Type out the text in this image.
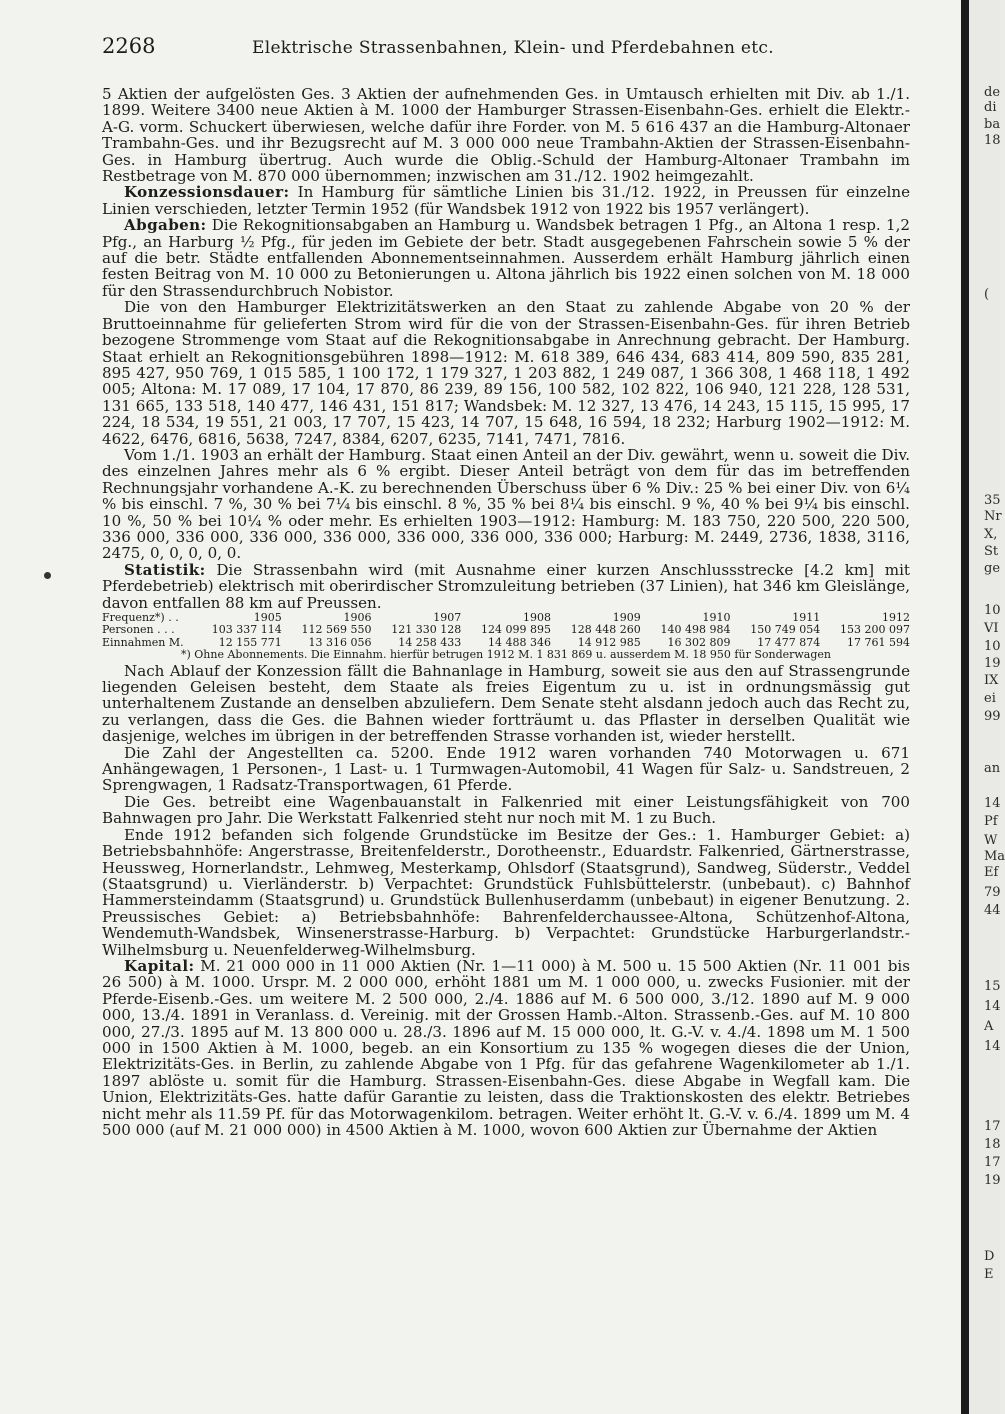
2268	Elektrische Strassenbahnen, Klein- und Pferdebahnen etc.

5 Aktien der aufgelösten Ges. 3 Aktien der aufnehmenden Ges. in Umtausch erhielten mit Div. ab 1./1. 1899. Weitere 3400 neue Aktien à M. 1000 der Hamburger Strassen-Eisenbahn-Ges. erhielt die Elektr.-A-G. vorm. Schuckert überwiesen, welche dafür ihre Forder. von M. 5 616 437 an die Hamburg-Altonaer Trambahn-Ges. und ihr Bezugsrecht auf M. 3 000 000 neue Trambahn-Aktien der Strassen-Eisenbahn-Ges. in Hamburg übertrug. Auch wurde die Oblig.-Schuld der Hamburg-Altonaer Trambahn im Restbetrage von M. 870 000 übernommen; inzwischen am 31./12. 1902 heimgezahlt.

Konzessionsdauer: In Hamburg für sämtliche Linien bis 31./12. 1922, in Preussen für einzelne Linien verschieden, letzter Termin 1952 (für Wandsbek 1912 von 1922 bis 1957 verlängert).

Abgaben: Die Rekognitionsabgaben an Hamburg u. Wandsbek betragen 1 Pfg., an Altona 1 resp. 1,2 Pfg., an Harburg ½ Pfg., für jeden im Gebiete der betr. Stadt ausgegebenen Fahrschein sowie 5 % der auf die betr. Städte entfallenden Abonnementseinnahmen. Ausserdem erhält Hamburg jährlich einen festen Beitrag von M. 10 000 zu Betonierungen u. Altona jährlich bis 1922 einen solchen von M. 18 000 für den Strassendurchbruch Nobistor.

Die von den Hamburger Elektrizitätswerken an den Staat zu zahlende Abgabe von 20 % der Bruttoeinnahme für gelieferten Strom wird für die von der Strassen-Eisenbahn-Ges. für ihren Betrieb bezogene Strommenge vom Staat auf die Rekognitionsabgabe in Anrechnung gebracht. Der Hamburg. Staat erhielt an Rekognitionsgebühren 1898—1912: M. 618 389, 646 434, 683 414, 809 590, 835 281, 895 427, 950 769, 1 015 585, 1 100 172, 1 179 327, 1 203 882, 1 249 087, 1 366 308, 1 468 118, 1 492 005; Altona: M. 17 089, 17 104, 17 870, 86 239, 89 156, 100 582, 102 822, 106 940, 121 228, 128 531, 131 665, 133 518, 140 477, 146 431, 151 817; Wandsbek: M. 12 327, 13 476, 14 243, 15 115, 15 995, 17 224, 18 534, 19 551, 21 003, 17 707, 15 423, 14 707, 15 648, 16 594, 18 232; Harburg 1902—1912: M. 4622, 6476, 6816, 5638, 7247, 8384, 6207, 6235, 7141, 7471, 7816.

Vom 1./1. 1903 an erhält der Hamburg. Staat einen Anteil an der Div. gewährt, wenn u. soweit die Div. des einzelnen Jahres mehr als 6 % ergibt. Dieser Anteil beträgt von dem für das im betreffenden Rechnungsjahr vorhandene A.-K. zu berechnenden Überschuss über 6 % Div.: 25 % bei einer Div. von 6¼ % bis einschl. 7 %, 30 % bei 7¼ bis einschl. 8 %, 35 % bei 8¼ bis einschl. 9 %, 40 % bei 9¼ bis einschl. 10 %, 50 % bei 10¼ % oder mehr. Es erhielten 1903—1912: Hamburg: M. 183 750, 220 500, 220 500, 336 000, 336 000, 336 000, 336 000, 336 000, 336 000, 336 000; Harburg: M. 2449, 2736, 1838, 3116, 2475, 0, 0, 0, 0, 0.

Statistik: Die Strassenbahn wird (mit Ausnahme einer kurzen Anschlussstrecke [4.2 km] mit Pferdebetrieb) elektrisch mit oberirdischer Stromzuleitung betrieben (37 Linien), hat 346 km Gleislänge, davon entfallen 88 km auf Preussen.

Frequenz*) . .	1905	1906	1907	1908	1909	1910	1911	1912
Personen . . .	103 337 114	112 569 550	121 330 128	124 099 895	128 448 260	140 498 984	150 749 054	153 200 097
Einnahmen M.	12 155 771	13 316 056	14 258 433	14 488 346	14 912 985	16 302 809	17 477 874	17 761 594
*) Ohne Abonnements. Die Einnahm. hierfür betrugen 1912 M. 1 831 869 u. ausserdem M. 18 950 für Sonderwagen

Nach Ablauf der Konzession fällt die Bahnanlage in Hamburg, soweit sie aus den auf Strassengrunde liegenden Geleisen besteht, dem Staate als freies Eigentum zu u. ist in ordnungsmässig gut unterhaltenem Zustande an denselben abzuliefern. Dem Senate steht alsdann jedoch auch das Recht zu, zu verlangen, dass die Ges. die Bahnen wieder fortträumt u. das Pflaster in derselben Qualität wie dasjenige, welches im übrigen in der betreffenden Strasse vorhanden ist, wieder herstellt.

Die Zahl der Angestellten ca. 5200. Ende 1912 waren vorhanden 740 Motorwagen u. 671 Anhängewagen, 1 Personen-, 1 Last- u. 1 Turmwagen-Automobil, 41 Wagen für Salz- u. Sandstreuen, 2 Sprengwagen, 1 Radsatz-Transportwagen, 61 Pferde.

Die Ges. betreibt eine Wagenbauanstalt in Falkenried mit einer Leistungsfähigkeit von 700 Bahnwagen pro Jahr. Die Werkstatt Falkenried steht nur noch mit M. 1 zu Buch.

Ende 1912 befanden sich folgende Grundstücke im Besitze der Ges.: 1. Hamburger Gebiet: a) Betriebsbahnhöfe: Angerstrasse, Breitenfelderstr., Dorotheenstr., Eduardstr. Falkenried, Gärtnerstrasse, Heussweg, Hornerlandstr., Lehmweg, Mesterkamp, Ohlsdorf (Staatsgrund), Sandweg, Süderstr., Veddel (Staatsgrund) u. Vierländerstr. b) Verpachtet: Grundstück Fuhlsbüttelerstr. (unbebaut). c) Bahnhof Hammersteindamm (Staatsgrund) u. Grundstück Bullenhuserdamm (unbebaut) in eigener Benutzung. 2. Preussisches Gebiet: a) Betriebsbahnhöfe: Bahrenfelderchaussee-Altona, Schützenhof-Altona, Wendemuth-Wandsbek, Winsenerstrasse-Harburg. b) Verpachtet: Grundstücke Harburgerlandstr.-Wilhelmsburg u. Neuenfelderweg-Wilhelmsburg.

Kapital: M. 21 000 000 in 11 000 Aktien (Nr. 1—11 000) à M. 500 u. 15 500 Aktien (Nr. 11 001 bis 26 500) à M. 1000. Urspr. M. 2 000 000, erhöht 1881 um M. 1 000 000, u. zwecks Fusionier. mit der Pferde-Eisenb.-Ges. um weitere M. 2 500 000, 2./4. 1886 auf M. 6 500 000, 3./12. 1890 auf M. 9 000 000, 13./4. 1891 in Veranlass. d. Vereinig. mit der Grossen Hamb.-Alton. Strassenb.-Ges. auf M. 10 800 000, 27./3. 1895 auf M. 13 800 000 u. 28./3. 1896 auf M. 15 000 000, lt. G.-V. v. 4./4. 1898 um M. 1 500 000 in 1500 Aktien à M. 1000, begeb. an ein Konsortium zu 135 % wogegen dieses die der Union, Elektrizitäts-Ges. in Berlin, zu zahlende Abgabe von 1 Pfg. für das gefahrene Wagenkilometer ab 1./1. 1897 ablöste u. somit für die Hamburg. Strassen-Eisenbahn-Ges. diese Abgabe in Wegfall kam. Die Union, Elektrizitäts-Ges. hatte dafür Garantie zu leisten, dass die Traktionskosten des elektr. Betriebes nicht mehr als 11.59 Pf. für das Motorwagenkilom. betragen. Weiter erhöht lt. G.-V. v. 6./4. 1899 um M. 4 500 000 (auf M. 21 000 000) in 4500 Aktien à M. 1000, wovon 600 Aktien zur Übernahme der Aktien

de
di
ba
18
(
35
Nr
X,
St
ge
10
VI
10
19
IX
ei
99
an
14
Pf
W
Ma
Ef
79
44
15
14
A
14
17
18
17
19
D
E
